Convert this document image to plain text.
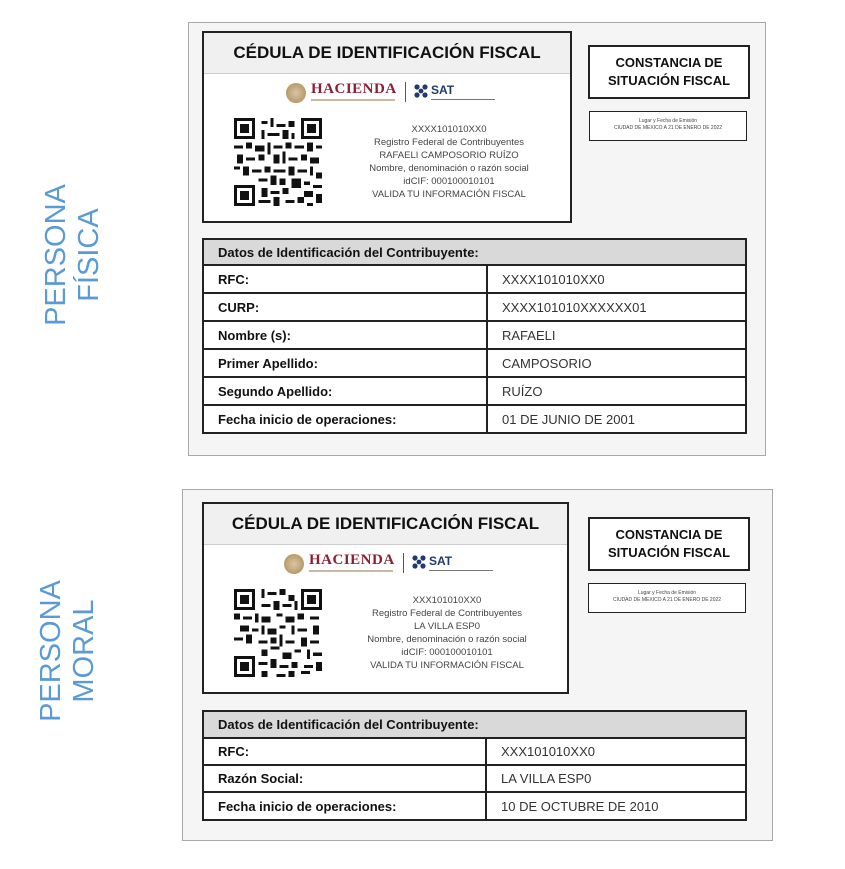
PERSONA FÍSICA
PERSONA MORAL
CÉDULA DE IDENTIFICACIÓN FISCAL
HACIENDA	SAT
XXXX101010XX0
Registro Federal de Contribuyentes
RAFAELI CAMPOSORIO RUÍZO
Nombre, denominación o razón social
idCIF: 000100010101
VALIDA TU INFORMACIÓN FISCAL
CONSTANCIA DE
SITUACIÓN FISCAL
Lugar y Fecha de Emisión
CIUDAD DE MEXICO A 21 DE ENERO DE 2022
Datos de Identificación del Contribuyente:	
RFC:	XXXX101010XX0
CURP:	XXXX101010XXXXXX01
Nombre (s):	RAFAELI
Primer Apellido:	CAMPOSORIO
Segundo Apellido:	RUÍZO
Fecha inicio de operaciones:	01 DE JUNIO DE 2001
CÉDULA DE IDENTIFICACIÓN FISCAL
HACIENDA	SAT
XXX101010XX0
Registro Federal de Contribuyentes
LA VILLA ESP0
Nombre, denominación o razón social
idCIF: 000100010101
VALIDA TU INFORMACIÓN FISCAL
CONSTANCIA DE
SITUACIÓN FISCAL
Lugar y Fecha de Emisión
CIUDAD DE MEXICO A 21 DE ENERO DE 2022
Datos de Identificación del Contribuyente:	
RFC:	XXX101010XX0
Razón Social:	LA VILLA ESP0
Fecha inicio de operaciones:	10 DE OCTUBRE DE 2010
